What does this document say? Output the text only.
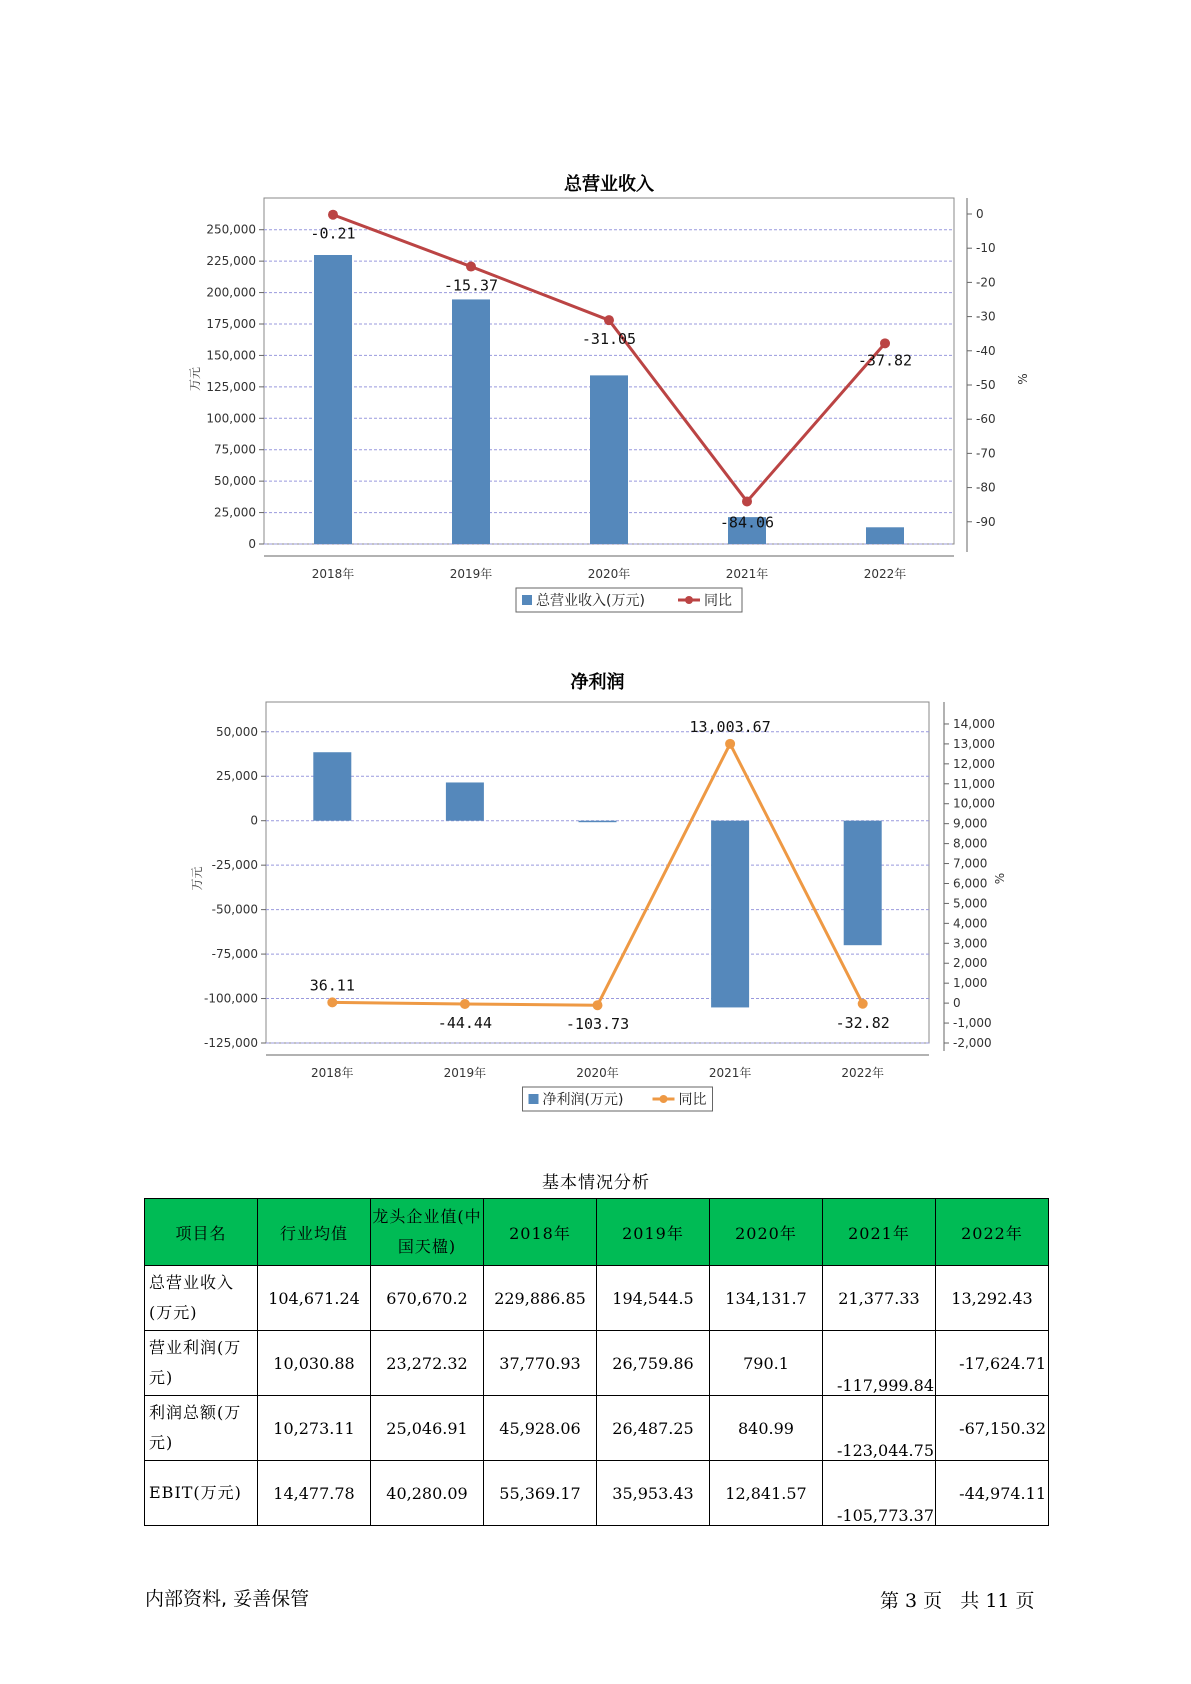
总营业收入
0
25,000
50,000
75,000
100,000
125,000
150,000
175,000
200,000
225,000
250,000
0
-10
-20
-30
-40
-50
-60
-70
-80
-90
万元	%
2018年	2019年	2020年	2021年	2022年
-0.21
-15.37
-31.05
-84.06
-37.82
总营业收入(万元)	同比
净利润
-125,000
-100,000
-75,000
-50,000
-25,000
0
25,000
50,000
-2,000
-1,000
0
1,000
2,000
3,000
4,000
5,000
6,000
7,000
8,000
9,000
10,000
11,000
12,000
13,000
14,000
万元	%
2018年	2019年	2020年	2021年	2022年
36.11
-44.44	-103.73
13,003.67
-32.82
净利润(万元)	同比
基本情况分析
项目名	行业均值	龙头企业值(中国天楹)	2018年	2019年	2020年	2021年	2022年
总营业收入(万元)	104,671.24	670,670.2	229,886.85	194,544.5	134,131.7	21,377.33	13,292.43
营业利润(万元)	10,030.88	23,272.32	37,770.93	26,759.86	790.1	-117,999.84	-17,624.71
利润总额(万元)	10,273.11	25,046.91	45,928.06	26,487.25	840.99	-123,044.75	-67,150.32
EBIT(万元)	14,477.78	40,280.09	55,369.17	35,953.43	12,841.57	-105,773.37	-44,974.11
内部资料, 妥善保管	第 3 页   共 11 页
